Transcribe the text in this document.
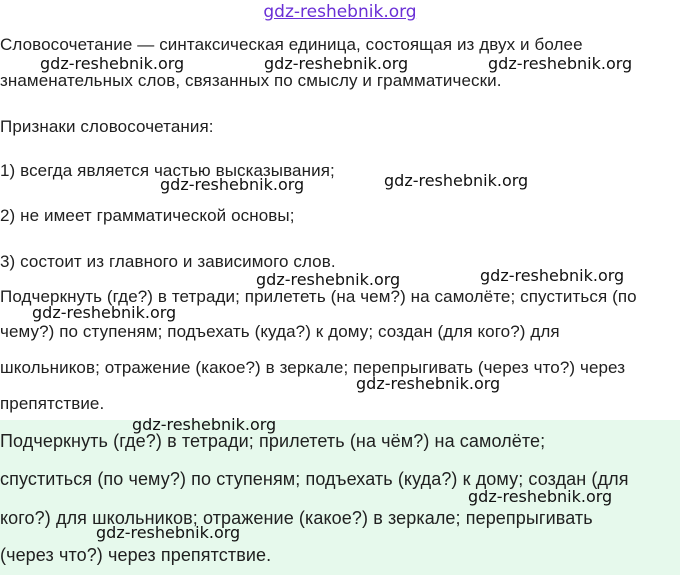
gdz-reshebnik.org
Словосочетание — синтаксическая единица, состоящая из двух и более
знаменательных слов, связанных по смыслу и грамматически.
Признаки словосочетания:
1) всегда является частью высказывания;
2) не имеет грамматической основы;
3) состоит из главного и зависимого слов.
Подчеркнуть (где?) в тетради; прилететь (на чем?) на самолёте; спуститься (по
чему?) по ступеням; подъехать (куда?) к дому; создан (для кого?) для
школьников; отражение (какое?) в зеркале; перепрыгивать (через что?) через
препятствие.
Подчеркнуть (где?) в тетради; прилететь (на чём?) на самолёте;
спуститься (по чему?) по ступеням; подъехать (куда?) к дому; создан (для
кого?) для школьников; отражение (какое?) в зеркале; перепрыгивать
(через что?) через препятствие.
gdz-reshebnik.org	gdz-reshebnik.org	gdz-reshebnik.org
gdz-reshebnik.org	gdz-reshebnik.org
gdz-reshebnik.org	gdz-reshebnik.org
gdz-reshebnik.org
gdz-reshebnik.org
gdz-reshebnik.org
gdz-reshebnik.org
gdz-reshebnik.org
